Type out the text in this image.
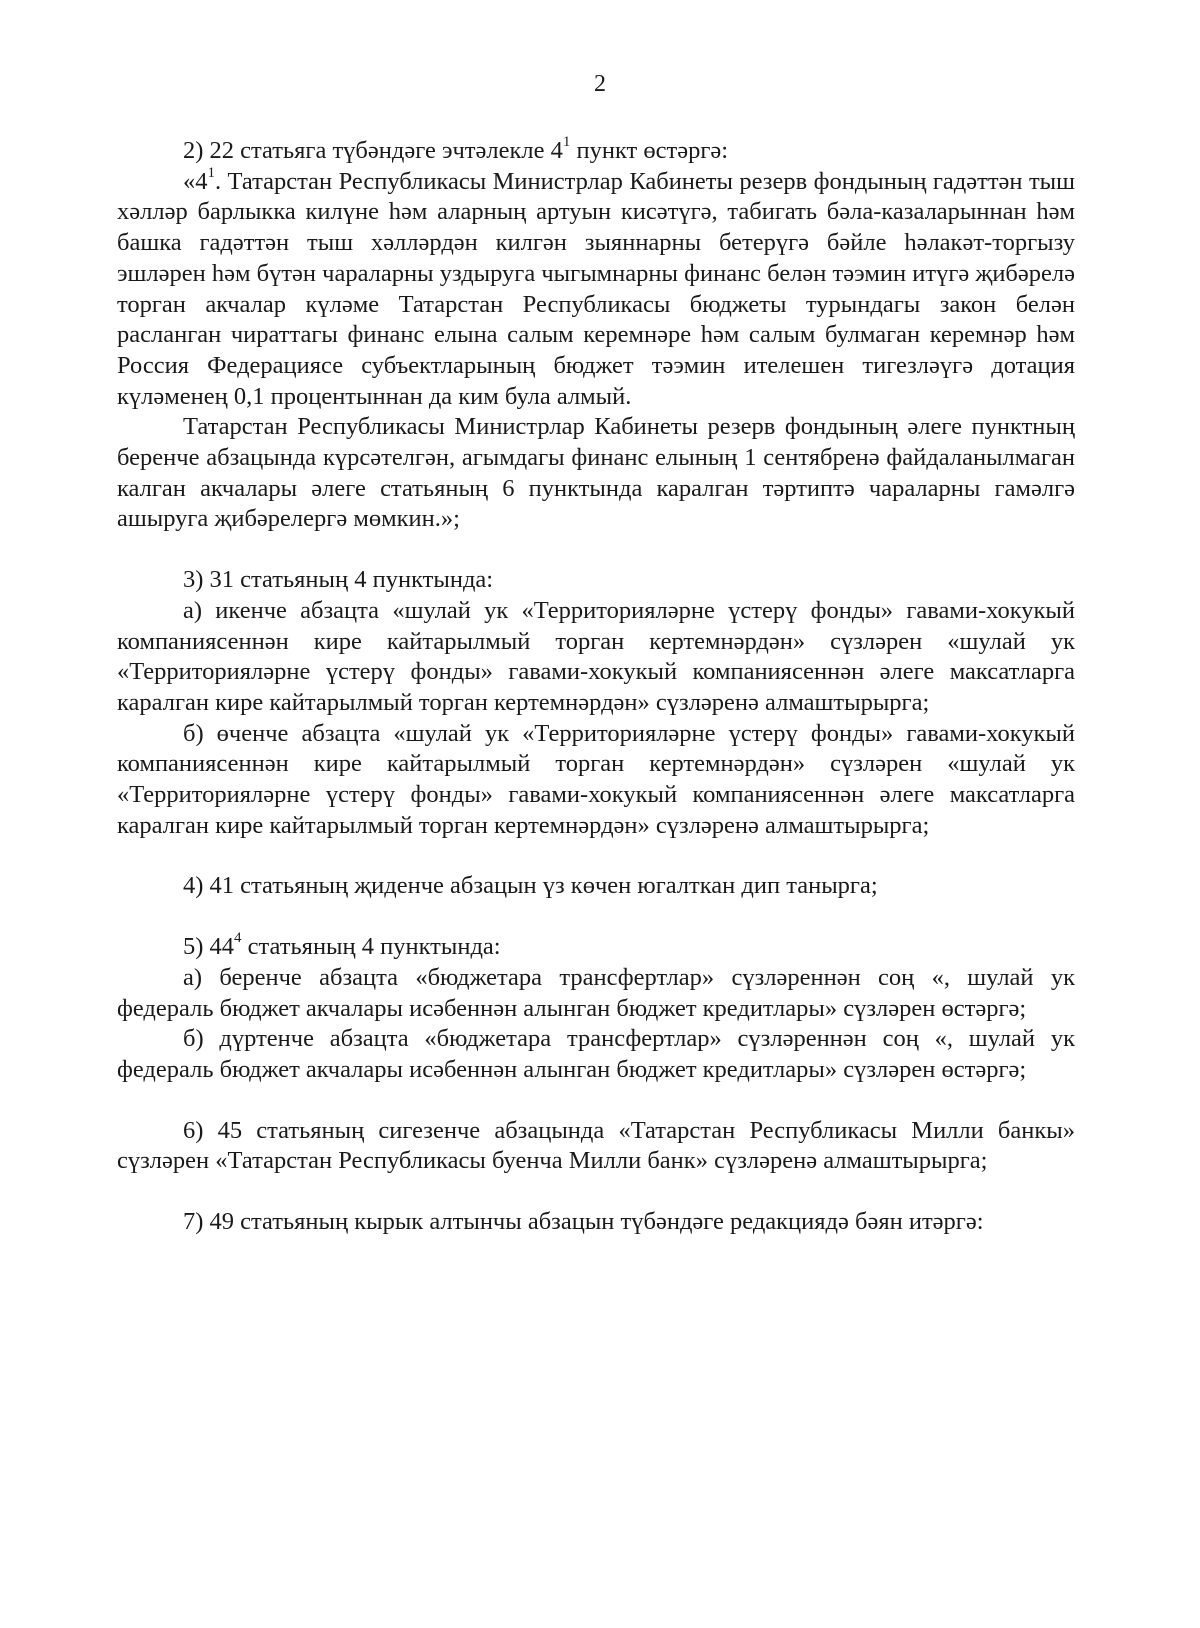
2

2) 22 статьяга түбәндәге эчтәлекле $4^1$ пункт өстәргә:

«$4^1$. Татарстан Республикасы Министрлар Кабинеты резерв фондының гадәттән тыш хәлләр барлыкка килүне һәм аларның артуын кисәтүгә, табигать бәла-казаларыннан һәм башка гадәттән тыш хәлләрдән килгән зыяннарны бетерүгә бәйле һәлакәт-торгызу эшләрен һәм бүтән чараларны уздыруга чыгымнарны финанс белән тәэмин итүгә җибәрелә торган акчалар күләме Татарстан Республикасы бюджеты турындагы закон белән расланган чираттагы финанс елына салым керемнәре һәм салым булмаган керемнәр һәм Россия Федерациясе субъектларының бюджет тәэмин ителешен тигезләүгә дотация күләменең 0,1 процентыннан да ким була алмый.

Татарстан Республикасы Министрлар Кабинеты резерв фондының әлеге пунктның беренче абзацында күрсәтелгән, агымдагы финанс елының 1 сентябренә файдаланылмаган калган акчалары әлеге статьяның 6 пунктында каралган тәртиптә чараларны гамәлгә ашыруга җибәрелергә мөмкин.»;

3) 31 статьяның 4 пунктында:

а) икенче абзацта «шулай ук «Территорияләрне үстерү фонды» гавами-хокукый компаниясеннән кире кайтарылмый торган кертемнәрдән» сүзләрен «шулай ук «Территорияләрне үстерү фонды» гавами-хокукый компаниясеннән әлеге максатларга каралган кире кайтарылмый торган кертемнәрдән» сүзләренә алмаштырырга;

б) өченче абзацта «шулай ук «Территорияләрне үстерү фонды» гавами-хокукый компаниясеннән кире кайтарылмый торган кертемнәрдән» сүзләрен «шулай ук «Территорияләрне үстерү фонды» гавами-хокукый компаниясеннән әлеге максатларга каралган кире кайтарылмый торган кертемнәрдән» сүзләренә алмаштырырга;

4) 41 статьяның җиденче абзацын үз көчен югалткан дип танырга;

5) $44^4$ статьяның 4 пунктында:

а) беренче абзацта «бюджетара трансфертлар» сүзләреннән соң «, шулай ук федераль бюджет акчалары исәбеннән алынган бюджет кредитлары» сүзләрен өстәргә;

б) дүртенче абзацта «бюджетара трансфертлар» сүзләреннән соң «, шулай ук федераль бюджет акчалары исәбеннән алынган бюджет кредитлары» сүзләрен өстәргә;

6) 45 статьяның сигезенче абзацында «Татарстан Республикасы Милли банкы» сүзләрен «Татарстан Республикасы буенча Милли банк» сүзләренә алмаштырырга;

7) 49 статьяның кырык алтынчы абзацын түбәндәге редакциядә бәян итәргә:
